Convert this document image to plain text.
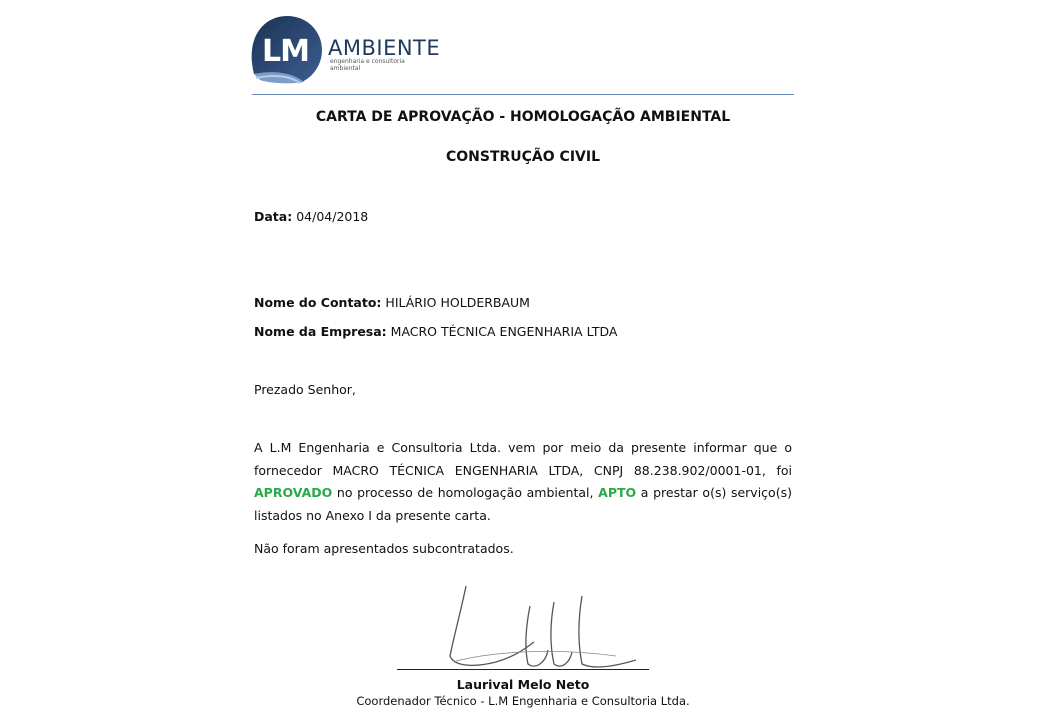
LM AMBIENTE
engenharia e consultoria ambiental
CARTA DE APROVAÇÃO - HOMOLOGAÇÃO AMBIENTAL
CONSTRUÇÃO CIVIL
Data: 04/04/2018
Nome do Contato: HILÁRIO HOLDERBAUM
Nome da Empresa: MACRO TÉCNICA ENGENHARIA LTDA
Prezado Senhor,
A L.M Engenharia e Consultoria Ltda. vem por meio da presente informar que o fornecedor MACRO TÉCNICA ENGENHARIA LTDA, CNPJ 88.238.902/0001-01, foi APROVADO no processo de homologação ambiental, APTO a prestar o(s) serviço(s) listados no Anexo I da presente carta.
Não foram apresentados subcontratados.
Laurival Melo Neto
Coordenador Técnico - L.M Engenharia e Consultoria Ltda.
